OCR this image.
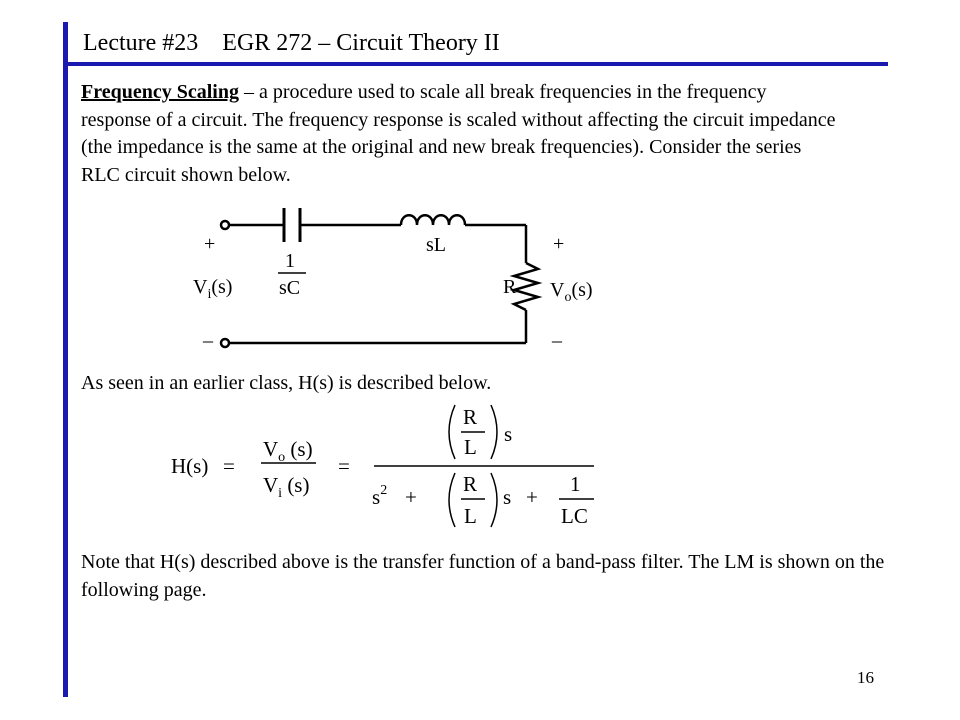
Lecture #23 EGR 272 – Circuit Theory II
Frequency Scaling – a procedure used to scale all break frequencies in the frequency response of a circuit. The frequency response is scaled without affecting the circuit impedance (the impedance is the same at the original and new break frequencies). Consider the series RLC circuit shown below.
+
_
$V_i(s)$
1
sC
sL
R
+
_
$V_o(s)$
H(s) =
$V_o$ (s)
$V_i$ (s)
=
R
L
s
$s^2$ +
R
L
s +
1
LC
As seen in an earlier class, H(s) is described below.
Note that H(s) described above is the transfer function of a band-pass filter. The LM is shown on the following page.
16
